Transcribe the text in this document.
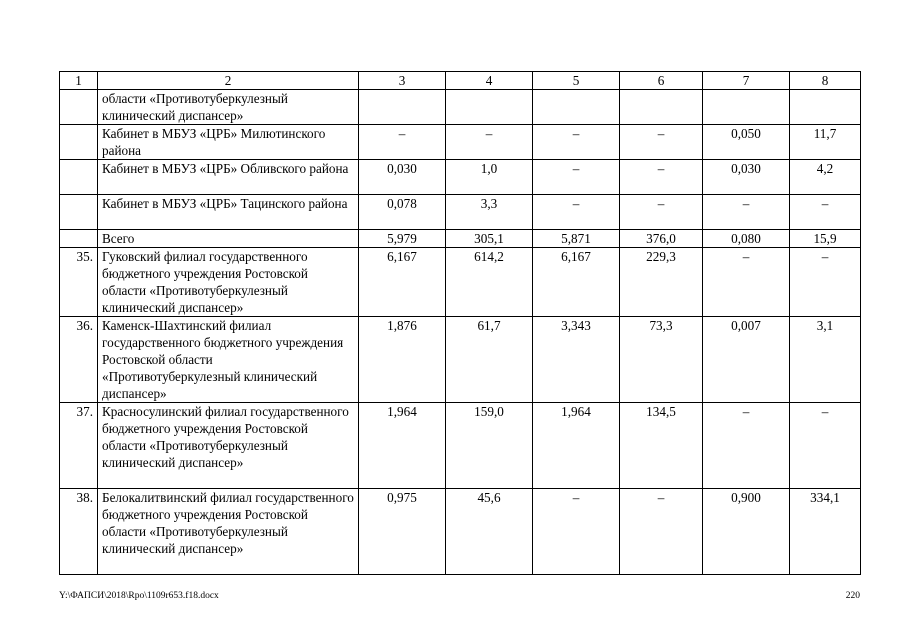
1	2	3	4	5	6	7	8
	области «Противотуберкулезный клинический диспансер»						
	Кабинет в МБУЗ «ЦРБ» Милютинского района	–	–	–	–	0,050	11,7
	Кабинет в МБУЗ «ЦРБ» Обливского района	0,030	1,0	–	–	0,030	4,2
	Кабинет в МБУЗ «ЦРБ» Тацинского района	0,078	3,3	–	–	–	–
	Всего	5,979	305,1	5,871	376,0	0,080	15,9
35.	Гуковский филиал государственного бюджетного учреждения Ростовской области «Противотуберкулезный клинический диспансер»	6,167	614,2	6,167	229,3	–	–
36.	Каменск-Шахтинский филиал государственного бюджетного учреждения Ростовской области «Противотуберкулезный клинический диспансер»	1,876	61,7	3,343	73,3	0,007	3,1
37.	Красносулинский филиал государственного бюджетного учреждения Ростовской области «Противотуберкулезный клинический диспансер»	1,964	159,0	1,964	134,5	–	–
38.	Белокалитвинский филиал государственного бюджетного учреждения Ростовской области «Противотуберкулезный клинический диспансер»	0,975	45,6	–	–	0,900	334,1
Y:\ФАПСИ\2018\Rpo\1109r653.f18.docx	220
